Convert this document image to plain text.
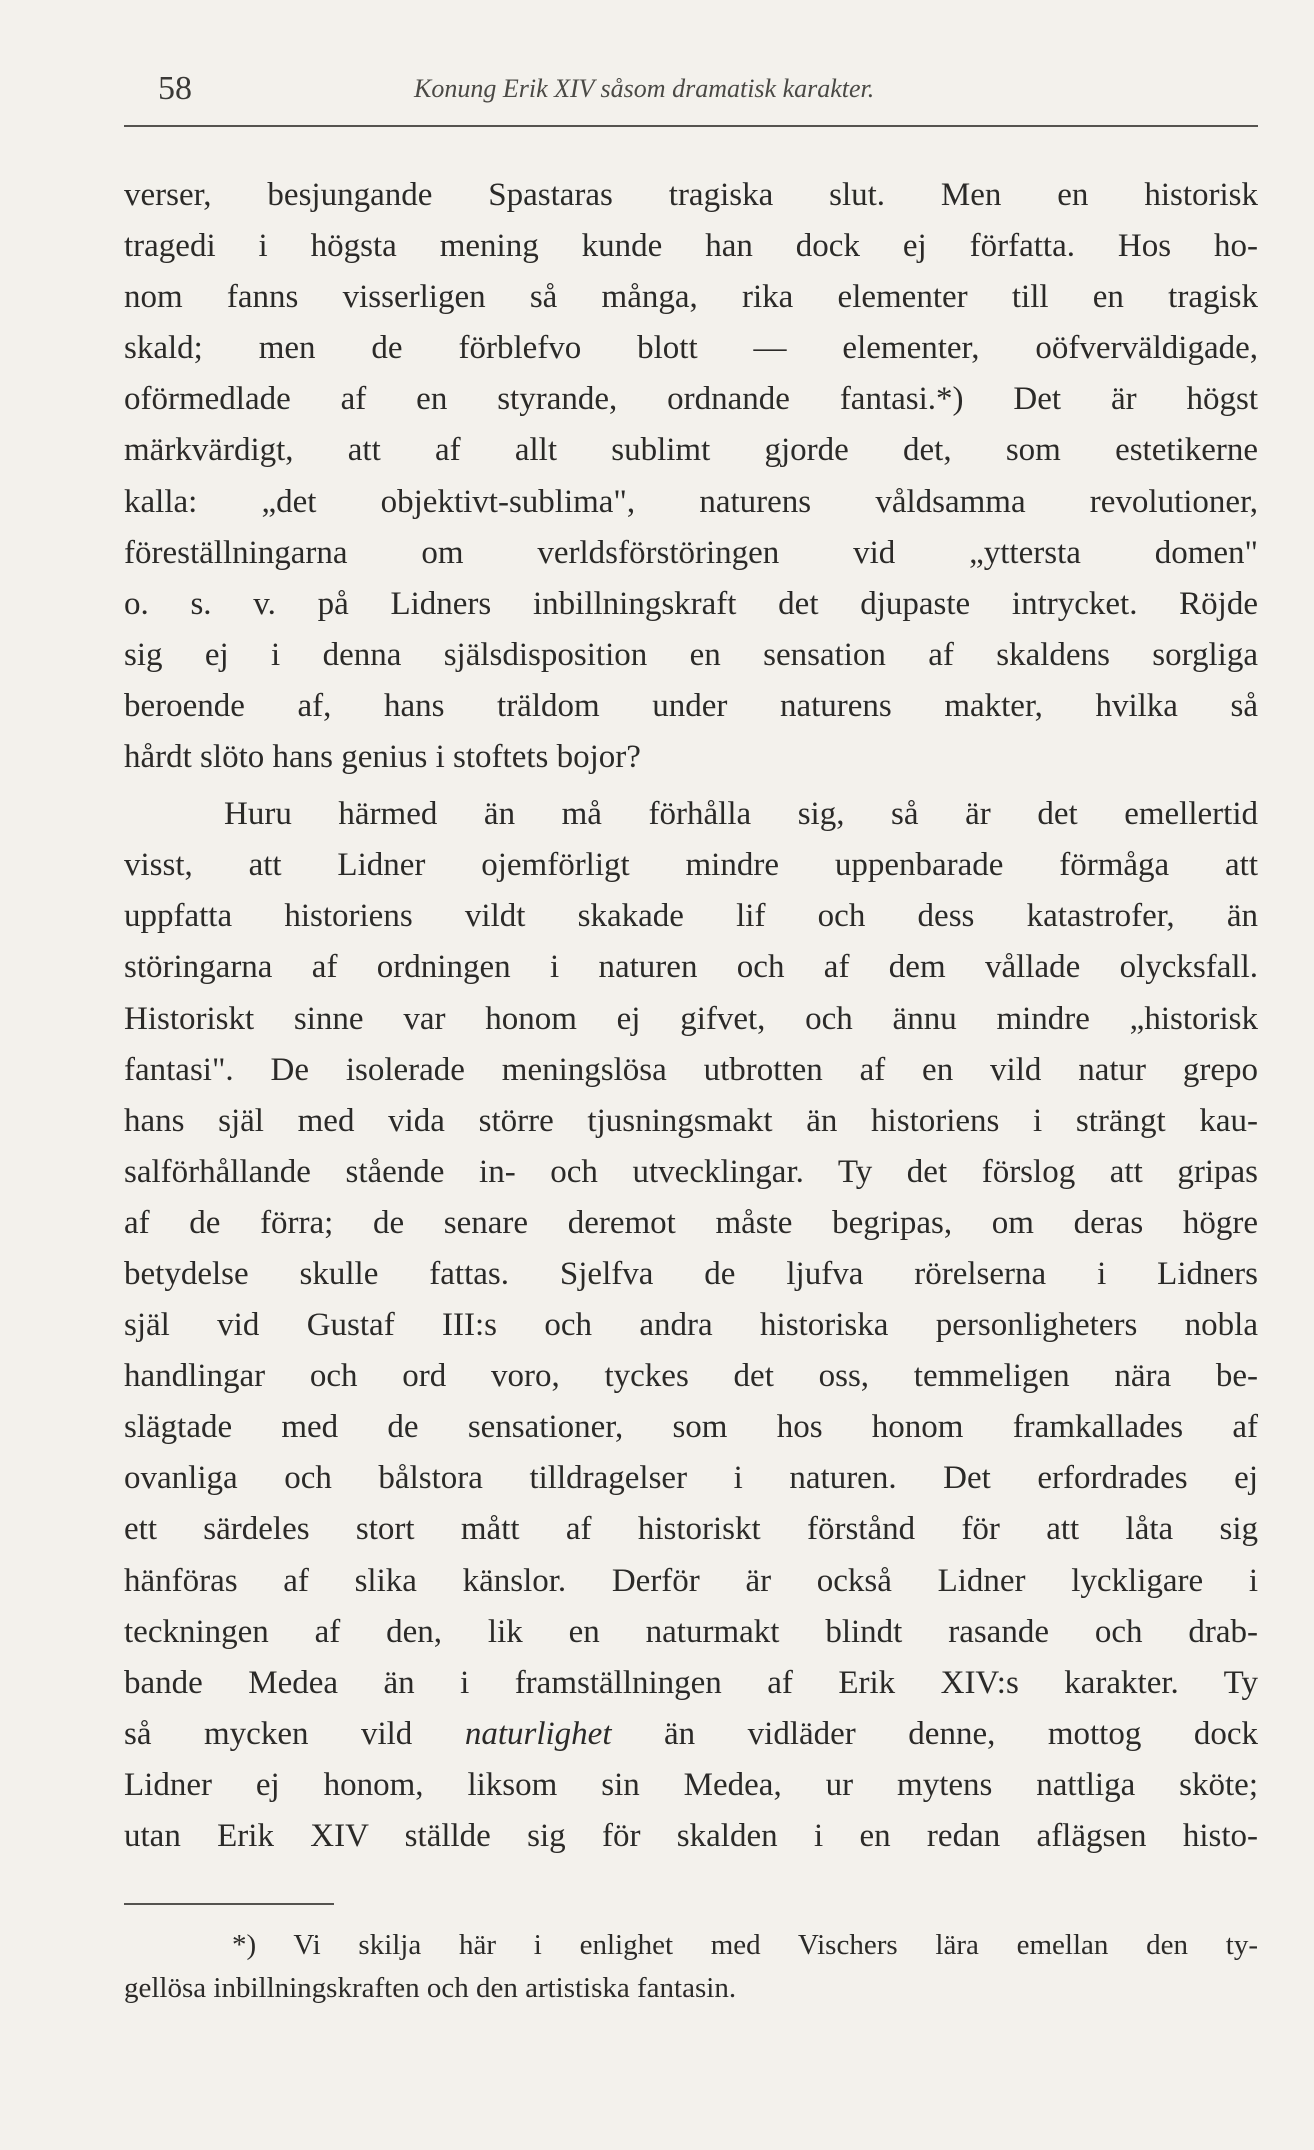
58	Konung Erik XIV såsom dramatisk karakter.
verser, besjungande Spastaras tragiska slut. Men en historisk
tragedi i högsta mening kunde han dock ej författa. Hos ho-
nom fanns visserligen så många, rika elementer till en tragisk
skald; men de förblefvo blott — elementer, oöfverväldigade,
oförmedlade af en styrande, ordnande fantasi.*) Det är högst
märkvärdigt, att af allt sublimt gjorde det, som estetikerne
kalla: „det objektivt-sublima", naturens våldsamma revolutioner,
föreställningarna om verldsförstöringen vid „yttersta domen"
o. s. v. på Lidners inbillningskraft det djupaste intrycket. Röjde
sig ej i denna själsdisposition en sensation af skaldens sorgliga
beroende af, hans träldom under naturens makter, hvilka så
hårdt slöto hans genius i stoftets bojor?
Huru härmed än må förhålla sig, så är det emellertid
visst, att Lidner ojemförligt mindre uppenbarade förmåga att
uppfatta historiens vildt skakade lif och dess katastrofer, än
störingarna af ordningen i naturen och af dem vållade olycksfall.
Historiskt sinne var honom ej gifvet, och ännu mindre „historisk
fantasi". De isolerade meningslösa utbrotten af en vild natur grepo
hans själ med vida större tjusningsmakt än historiens i strängt kau-
salförhållande stående in- och utvecklingar. Ty det förslog att gripas
af de förra; de senare deremot måste begripas, om deras högre
betydelse skulle fattas. Sjelfva de ljufva rörelserna i Lidners
själ vid Gustaf III:s och andra historiska personligheters nobla
handlingar och ord voro, tyckes det oss, temmeligen nära be-
slägtade med de sensationer, som hos honom framkallades af
ovanliga och bålstora tilldragelser i naturen. Det erfordrades ej
ett särdeles stort mått af historiskt förstånd för att låta sig
hänföras af slika känslor. Derför är också Lidner lyckligare i
teckningen af den, lik en naturmakt blindt rasande och drab-
bande Medea än i framställningen af Erik XIV:s karakter. Ty
så mycken vild naturlighet än vidläder denne, mottog dock
Lidner ej honom, liksom sin Medea, ur mytens nattliga sköte;
utan Erik XIV ställde sig för skalden i en redan aflägsen histo-
*) Vi skilja här i enlighet med Vischers lära emellan den ty-
gellösa inbillningskraften och den artistiska fantasin.
